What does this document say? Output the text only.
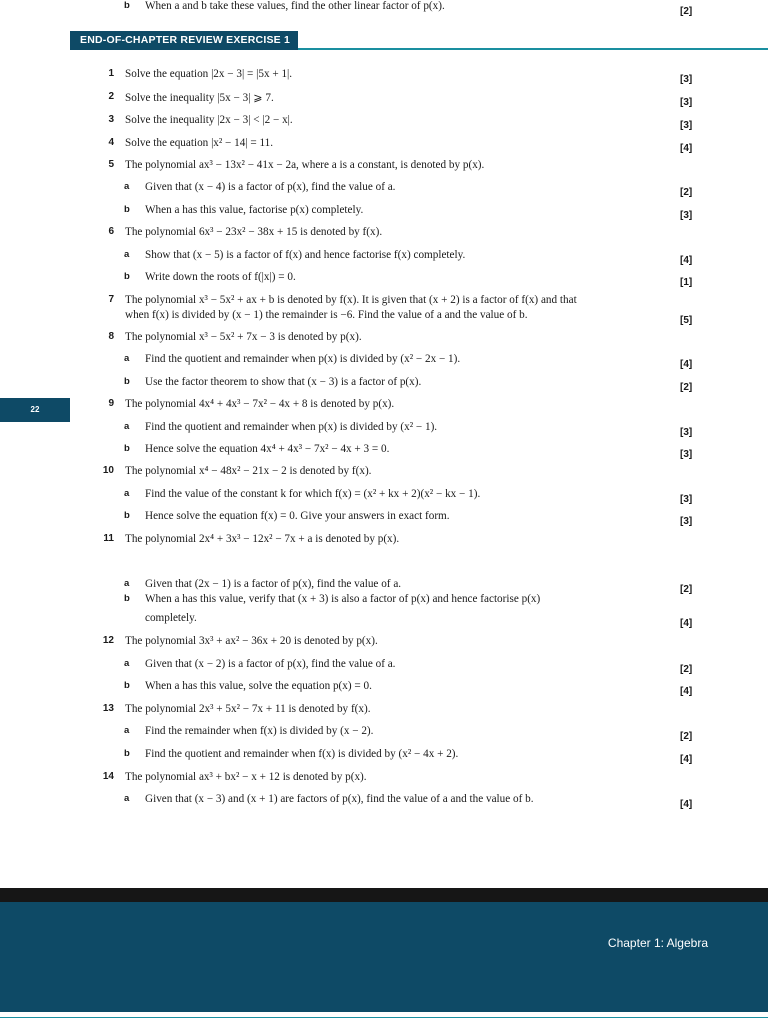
END-OF-CHAPTER REVIEW EXERCISE 1
22
1 Solve the equation |2x − 3| = |5x + 1|.	[3]
2 Solve the inequality |5x − 3| ⩾ 7.	[3]
3 Solve the inequality |2x − 3| < |2 − x|.	[3]
4 Solve the equation |x² − 14| = 11.	[4]
5 The polynomial ax³ − 13x² − 41x − 2a, where a is a constant, is denoted by p(x).
a Given that (x − 4) is a factor of p(x), find the value of a.	[2]
b When a has this value, factorise p(x) completely.	[3]
6 The polynomial 6x³ − 23x² − 38x + 15 is denoted by f(x).
a Show that (x − 5) is a factor of f(x) and hence factorise f(x) completely.	[4]
b Write down the roots of f(|x|) = 0.	[1]
7 The polynomial x³ − 5x² + ax + b is denoted by f(x). It is given that (x + 2) is a factor of f(x) and that
when f(x) is divided by (x − 1) the remainder is −6. Find the value of a and the value of b.	[5]
8 The polynomial x³ − 5x² + 7x − 3 is denoted by p(x).
a Find the quotient and remainder when p(x) is divided by (x² − 2x − 1).	[4]
b Use the factor theorem to show that (x − 3) is a factor of p(x).	[2]
9 The polynomial 4x⁴ + 4x³ − 7x² − 4x + 8 is denoted by p(x).
a Find the quotient and remainder when p(x) is divided by (x² − 1).	[3]
b Hence solve the equation 4x⁴ + 4x³ − 7x² − 4x + 3 = 0.	[3]
10 The polynomial x⁴ − 48x² − 21x − 2 is denoted by f(x).
a Find the value of the constant k for which f(x) = (x² + kx + 2)(x² − kx − 1).	[3]
b Hence solve the equation f(x) = 0. Give your answers in exact form.	[3]
11 The polynomial 2x⁴ + 3x³ − 12x² − 7x + a is denoted by p(x).
a Given that (2x − 1) is a factor of p(x), find the value of a.	[2]
b When a has this value, verify that (x + 3) is also a factor of p(x) and hence factorise p(x)
completely.	[4]
12 The polynomial 3x³ + ax² − 36x + 20 is denoted by p(x).
a Given that (x − 2) is a factor of p(x), find the value of a.	[2]
b When a has this value, solve the equation p(x) = 0.	[4]
13 The polynomial 2x³ + 5x² − 7x + 11 is denoted by f(x).
a Find the remainder when f(x) is divided by (x − 2).	[2]
b Find the quotient and remainder when f(x) is divided by (x² − 4x + 2).	[4]
14 The polynomial ax³ + bx² − x + 12 is denoted by p(x).
a Given that (x − 3) and (x + 1) are factors of p(x), find the value of a and the value of b.	[4]
b When a and b take these values, find the other linear factor of p(x).	[2]
Chapter 1: Algebra
